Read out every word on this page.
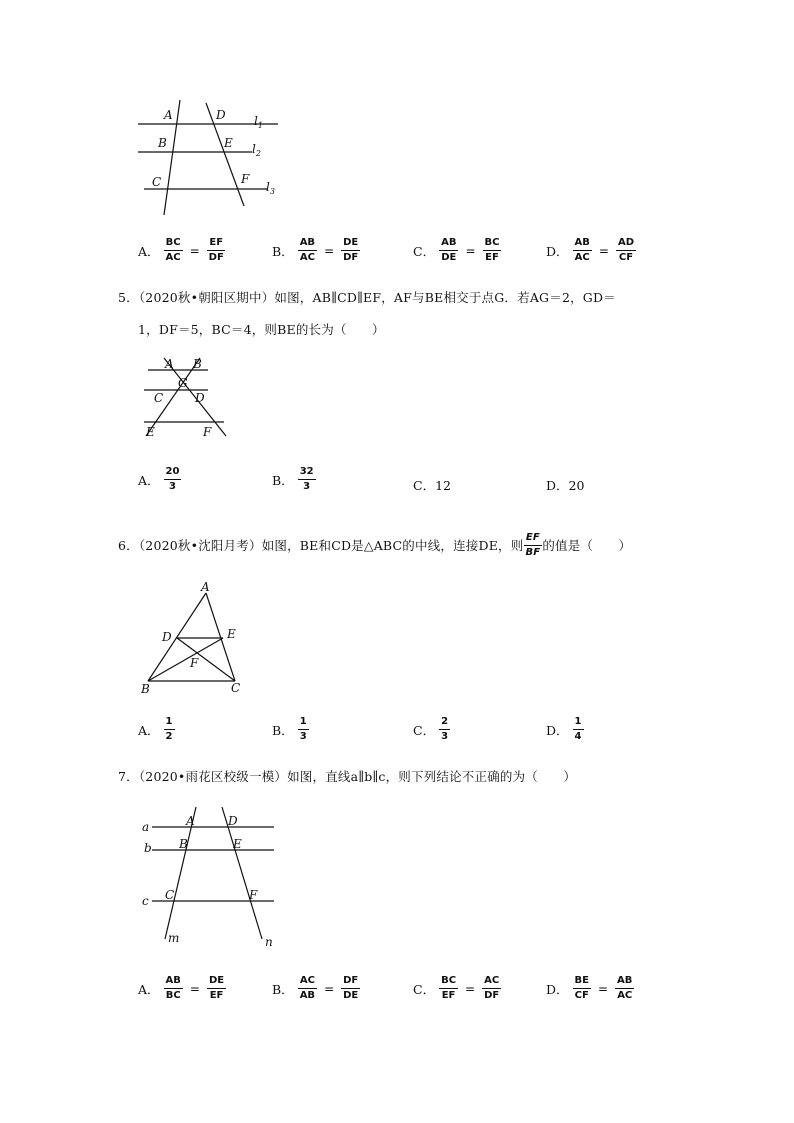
A	D $l_1$
B	E $l_2$
C	F
$l_3$
A． $\frac{BC}{AC} = \frac{EF}{DF}$	B． $\frac{AB}{AC} = \frac{DE}{DF}$	C． $\frac{AB}{DE} = \frac{BC}{EF}$	D． $\frac{AB}{AC} = \frac{AD}{CF}$
5．（2020秋•朝阳区期中）如图，AB∥CD∥EF，AF与BE相交于点G．若AG＝2，GD＝
1，DF＝5，BC＝4，则BE的长为（　　）
A B
G
C	D
E	F
A． $\frac{20}{3}$	B． $\frac{32}{3}$	C．12	D．20
6．（2020秋•沈阳月考）如图，BE和CD是△ABC的中线，连接DE，则 $\frac{EF}{BF}$ 的值是（　　）
A
D	E
F
B	C
A． $\frac{1}{2}$	B． $\frac{1}{3}$	C． $\frac{2}{3}$	D． $\frac{1}{4}$
7．（2020•雨花区校级一模）如图，直线a∥b∥c，则下列结论不正确的为（　　）
a
b
c
A	D
B	E
C	F
m	n
A． $\frac{AB}{BC} = \frac{DE}{EF}$	B． $\frac{AC}{AB} = \frac{DF}{DE}$	C． $\frac{BC}{EF} = \frac{AC}{DF}$	D． $\frac{BE}{CF} = \frac{AB}{AC}$
